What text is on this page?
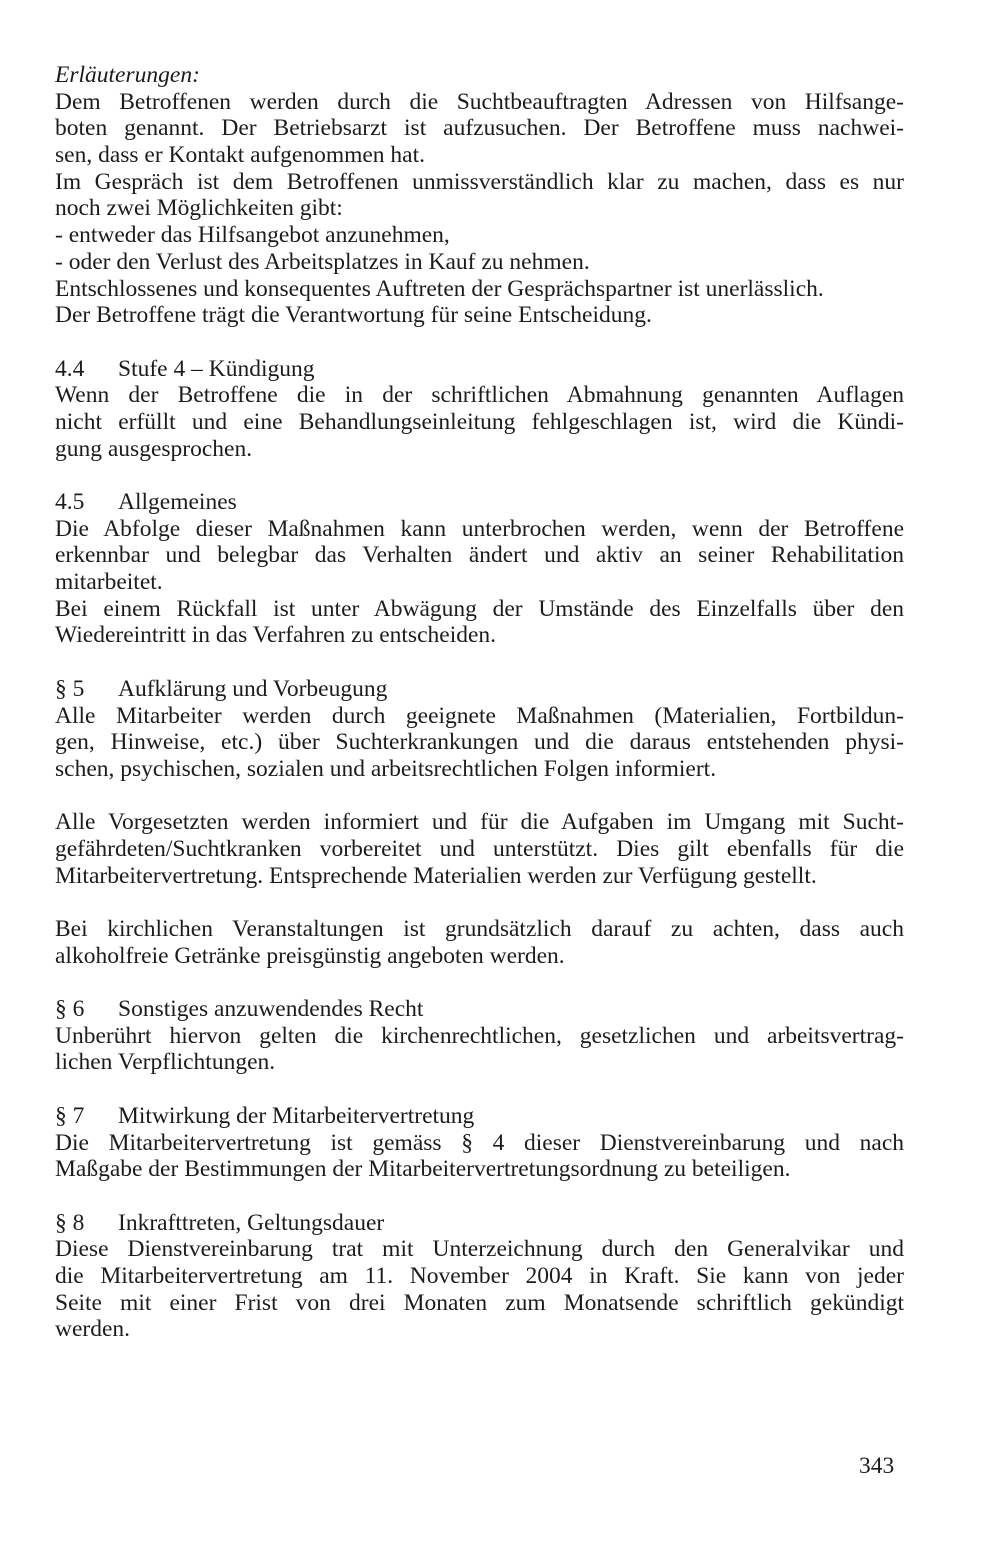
Erläuterungen:
Dem Betroffenen werden durch die Suchtbeauftragten Adressen von Hilfsange-
boten genannt. Der Betriebsarzt ist aufzusuchen. Der Betroffene muss nachwei-
sen, dass er Kontakt aufgenommen hat.
Im Gespräch ist dem Betroffenen unmissverständlich klar zu machen, dass es nur
noch zwei Möglichkeiten gibt:
- entweder das Hilfsangebot anzunehmen,
- oder den Verlust des Arbeitsplatzes in Kauf zu nehmen.
Entschlossenes und konsequentes Auftreten der Gesprächspartner ist unerlässlich.
Der Betroffene trägt die Verantwortung für seine Entscheidung.
4.4 Stufe 4 – Kündigung
Wenn der Betroffene die in der schriftlichen Abmahnung genannten Auflagen
nicht erfüllt und eine Behandlungseinleitung fehlgeschlagen ist, wird die Kündi-
gung ausgesprochen.
4.5 Allgemeines
Die Abfolge dieser Maßnahmen kann unterbrochen werden, wenn der Betroffene
erkennbar und belegbar das Verhalten ändert und aktiv an seiner Rehabilitation
mitarbeitet.
Bei einem Rückfall ist unter Abwägung der Umstände des Einzelfalls über den
Wiedereintritt in das Verfahren zu entscheiden.
§ 5 Aufklärung und Vorbeugung
Alle Mitarbeiter werden durch geeignete Maßnahmen (Materialien, Fortbildun-
gen, Hinweise, etc.) über Suchterkrankungen und die daraus entstehenden physi-
schen, psychischen, sozialen und arbeitsrechtlichen Folgen informiert.
Alle Vorgesetzten werden informiert und für die Aufgaben im Umgang mit Sucht-
gefährdeten/Suchtkranken vorbereitet und unterstützt. Dies gilt ebenfalls für die
Mitarbeitervertretung. Entsprechende Materialien werden zur Verfügung gestellt.
Bei kirchlichen Veranstaltungen ist grundsätzlich darauf zu achten, dass auch
alkoholfreie Getränke preisgünstig angeboten werden.
§ 6 Sonstiges anzuwendendes Recht
Unberührt hiervon gelten die kirchenrechtlichen, gesetzlichen und arbeitsvertrag-
lichen Verpflichtungen.
§ 7 Mitwirkung der Mitarbeitervertretung
Die Mitarbeitervertretung ist gemäss § 4 dieser Dienstvereinbarung und nach
Maßgabe der Bestimmungen der Mitarbeitervertretungsordnung zu beteiligen.
§ 8 Inkrafttreten, Geltungsdauer
Diese Dienstvereinbarung trat mit Unterzeichnung durch den Generalvikar und
die Mitarbeitervertretung am 11. November 2004 in Kraft. Sie kann von jeder
Seite mit einer Frist von drei Monaten zum Monatsende schriftlich gekündigt
werden.
343
